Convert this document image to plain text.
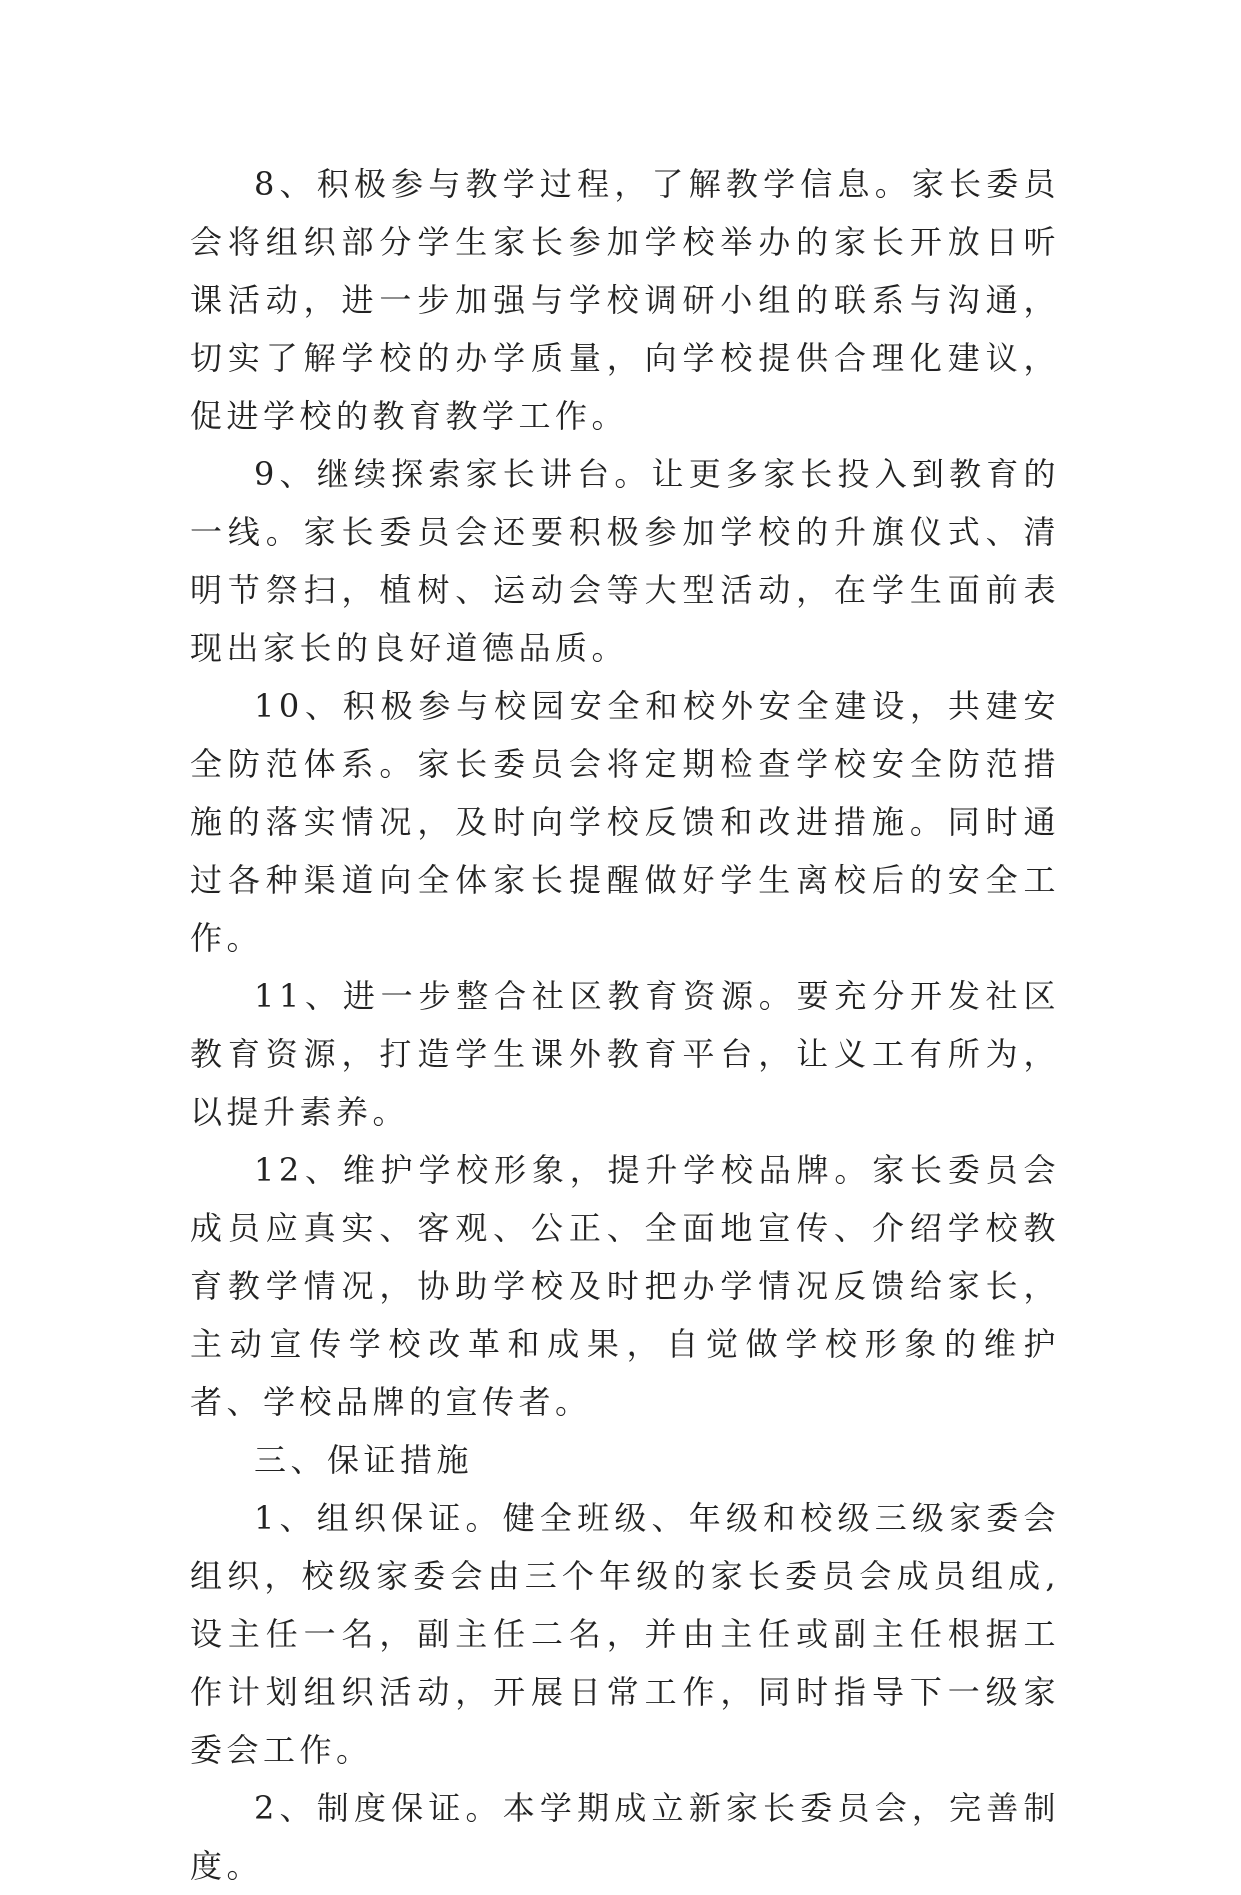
8、积极参与教学过程，了解教学信息。家长委员会将组织部分学生家长参加学校举办的家长开放日听课活动，进一步加强与学校调研小组的联系与沟通，切实了解学校的办学质量，向学校提供合理化建议，促进学校的教育教学工作。

9、继续探索家长讲台。让更多家长投入到教育的一线。家长委员会还要积极参加学校的升旗仪式、清明节祭扫，植树、运动会等大型活动，在学生面前表现出家长的良好道德品质。

10、积极参与校园安全和校外安全建设，共建安全防范体系。家长委员会将定期检查学校安全防范措施的落实情况，及时向学校反馈和改进措施。同时通过各种渠道向全体家长提醒做好学生离校后的安全工作。

11、进一步整合社区教育资源。要充分开发社区教育资源，打造学生课外教育平台，让义工有所为，以提升素养。

12、维护学校形象，提升学校品牌。家长委员会成员应真实、客观、公正、全面地宣传、介绍学校教育教学情况，协助学校及时把办学情况反馈给家长，主动宣传学校改革和成果，自觉做学校形象的维护者、学校品牌的宣传者。

三、保证措施

1、组织保证。健全班级、年级和校级三级家委会组织，校级家委会由三个年级的家长委员会成员组成,设主任一名，副主任二名，并由主任或副主任根据工作计划组织活动，开展日常工作，同时指导下一级家委会工作。

2、制度保证。本学期成立新家长委员会，完善制度。
